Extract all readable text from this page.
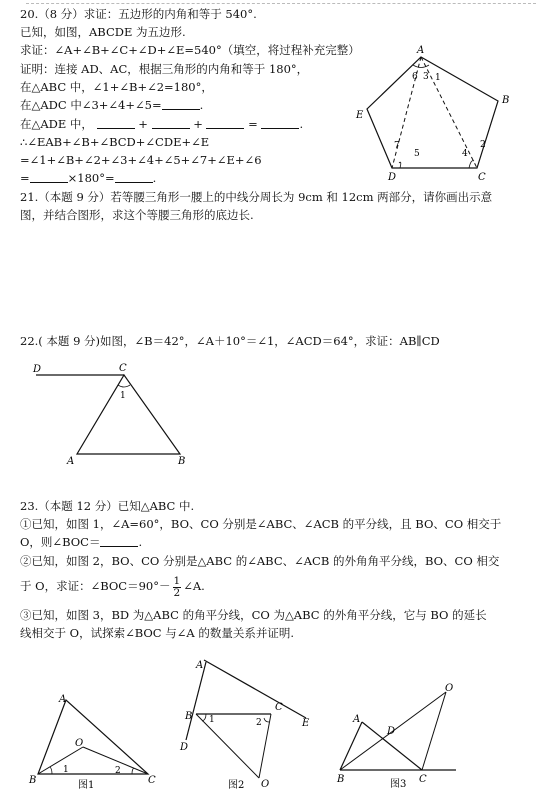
20.（8 分）求证：五边形的内角和等于 540°.
已知，如图，ABCDE 为五边形.
求证：∠A+∠B+∠C+∠D+∠E=540°（填空，将过程补充完整）
证明：连接 AD、AC，根据三角形的内角和等于 180°，
在△ABC 中，∠1+∠B+∠2=180°，
在△ADC 中∠3+∠4+∠5=	.
在△ADE 中，	+	+	=	.
∴∠EAB+∠B+∠BCD+∠CDE+∠E
=∠1+∠B+∠2+∠3+∠4+∠5+∠7+∠E+∠6
=	×180°=	.
A
B
C
D
E
1
2
3
4
5
6
7
21.（本题 9 分）若等腰三角形一腰上的中线分周长为 9cm 和 12cm 两部分，请你画出示意
图，并结合图形，求这个等腰三角形的底边长.
22.( 本题 9 分)如图，∠B＝42°，∠A＋10°＝∠1，∠ACD＝64°，求证：AB∥CD
D	C
A	B
1
23.（本题 12 分）已知△ABC 中.
①已知，如图 1，∠A=60°，BO、CO 分别是∠ABC、∠ACB 的平分线，且 BO、CO 相交于
O，则∠BOC＝	.
②已知，如图 2，BO、CO 分别是△ABC 的∠ABC、∠ACB 的外角角平分线，BO、CO 相交
于 O，求证：∠BOC＝90°－ $\frac{1}{2}$ ∠A.
③已知，如图 3，BD 为△ABC 的角平分线，CO 为△ABC 的外角平分线，它与 BO 的延长
线相交于 O，试探索∠BOC 与∠A 的数量关系并证明.
A
B	C
O
1	2
图1
A
B
C
D
E
O
1	2
图2
A
B	C
D
O
图3
